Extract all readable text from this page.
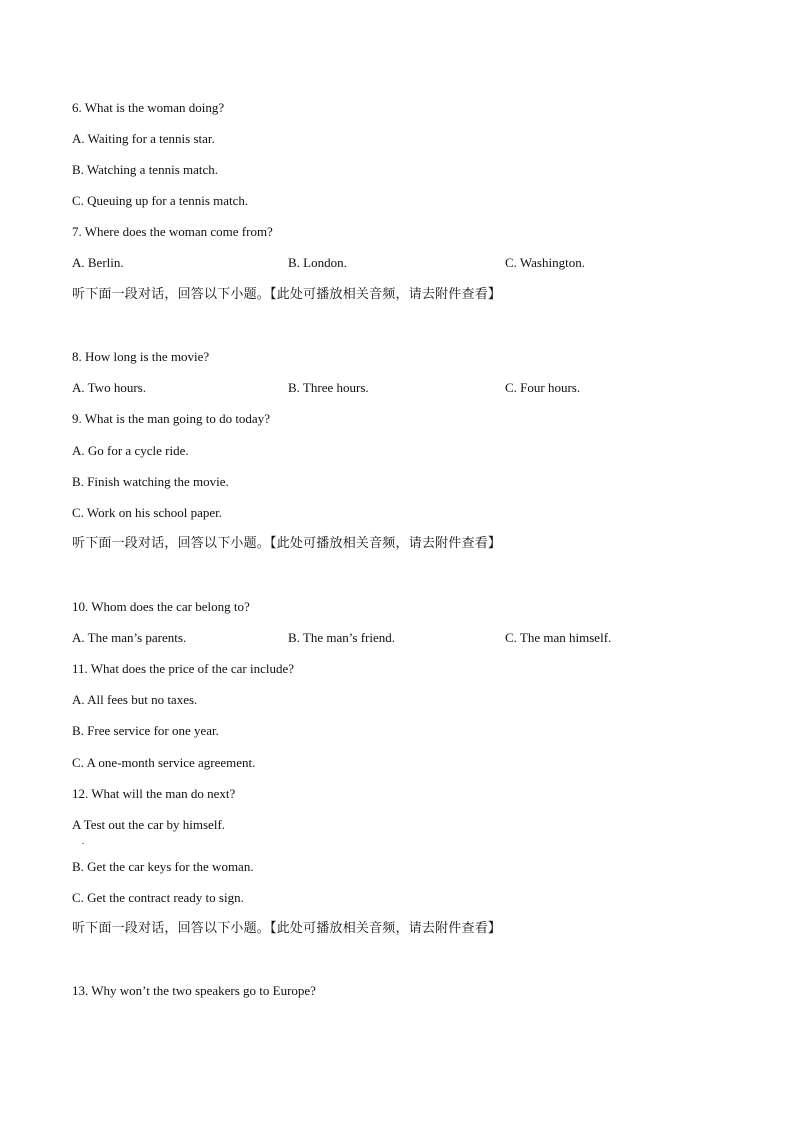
6. What is the woman doing?

A. Waiting for a tennis star.

B. Watching a tennis match.

C. Queuing up for a tennis match.

7. Where does the woman come from?

A. Berlin.	B. London.	C. Washington.

听下面一段对话，回答以下小题。【此处可播放相关音频，请去附件查看】

8. How long is the movie?

A. Two hours.	B. Three hours.	C. Four hours.

9. What is the man going to do today?

A. Go for a cycle ride.

B. Finish watching the movie.

C. Work on his school paper.

听下面一段对话，回答以下小题。【此处可播放相关音频，请去附件查看】

10. Whom does the car belong to?

A. The man’s parents.	B. The man’s friend.	C. The man himself.

11. What does the price of the car include?

A. All fees but no taxes.

B. Free service for one year.

C. A one-month service agreement.

12. What will the man do next?

A Test out the car by himself.

.

B. Get the car keys for the woman.

C. Get the contract ready to sign.

听下面一段对话，回答以下小题。【此处可播放相关音频，请去附件查看】

13. Why won’t the two speakers go to Europe?
